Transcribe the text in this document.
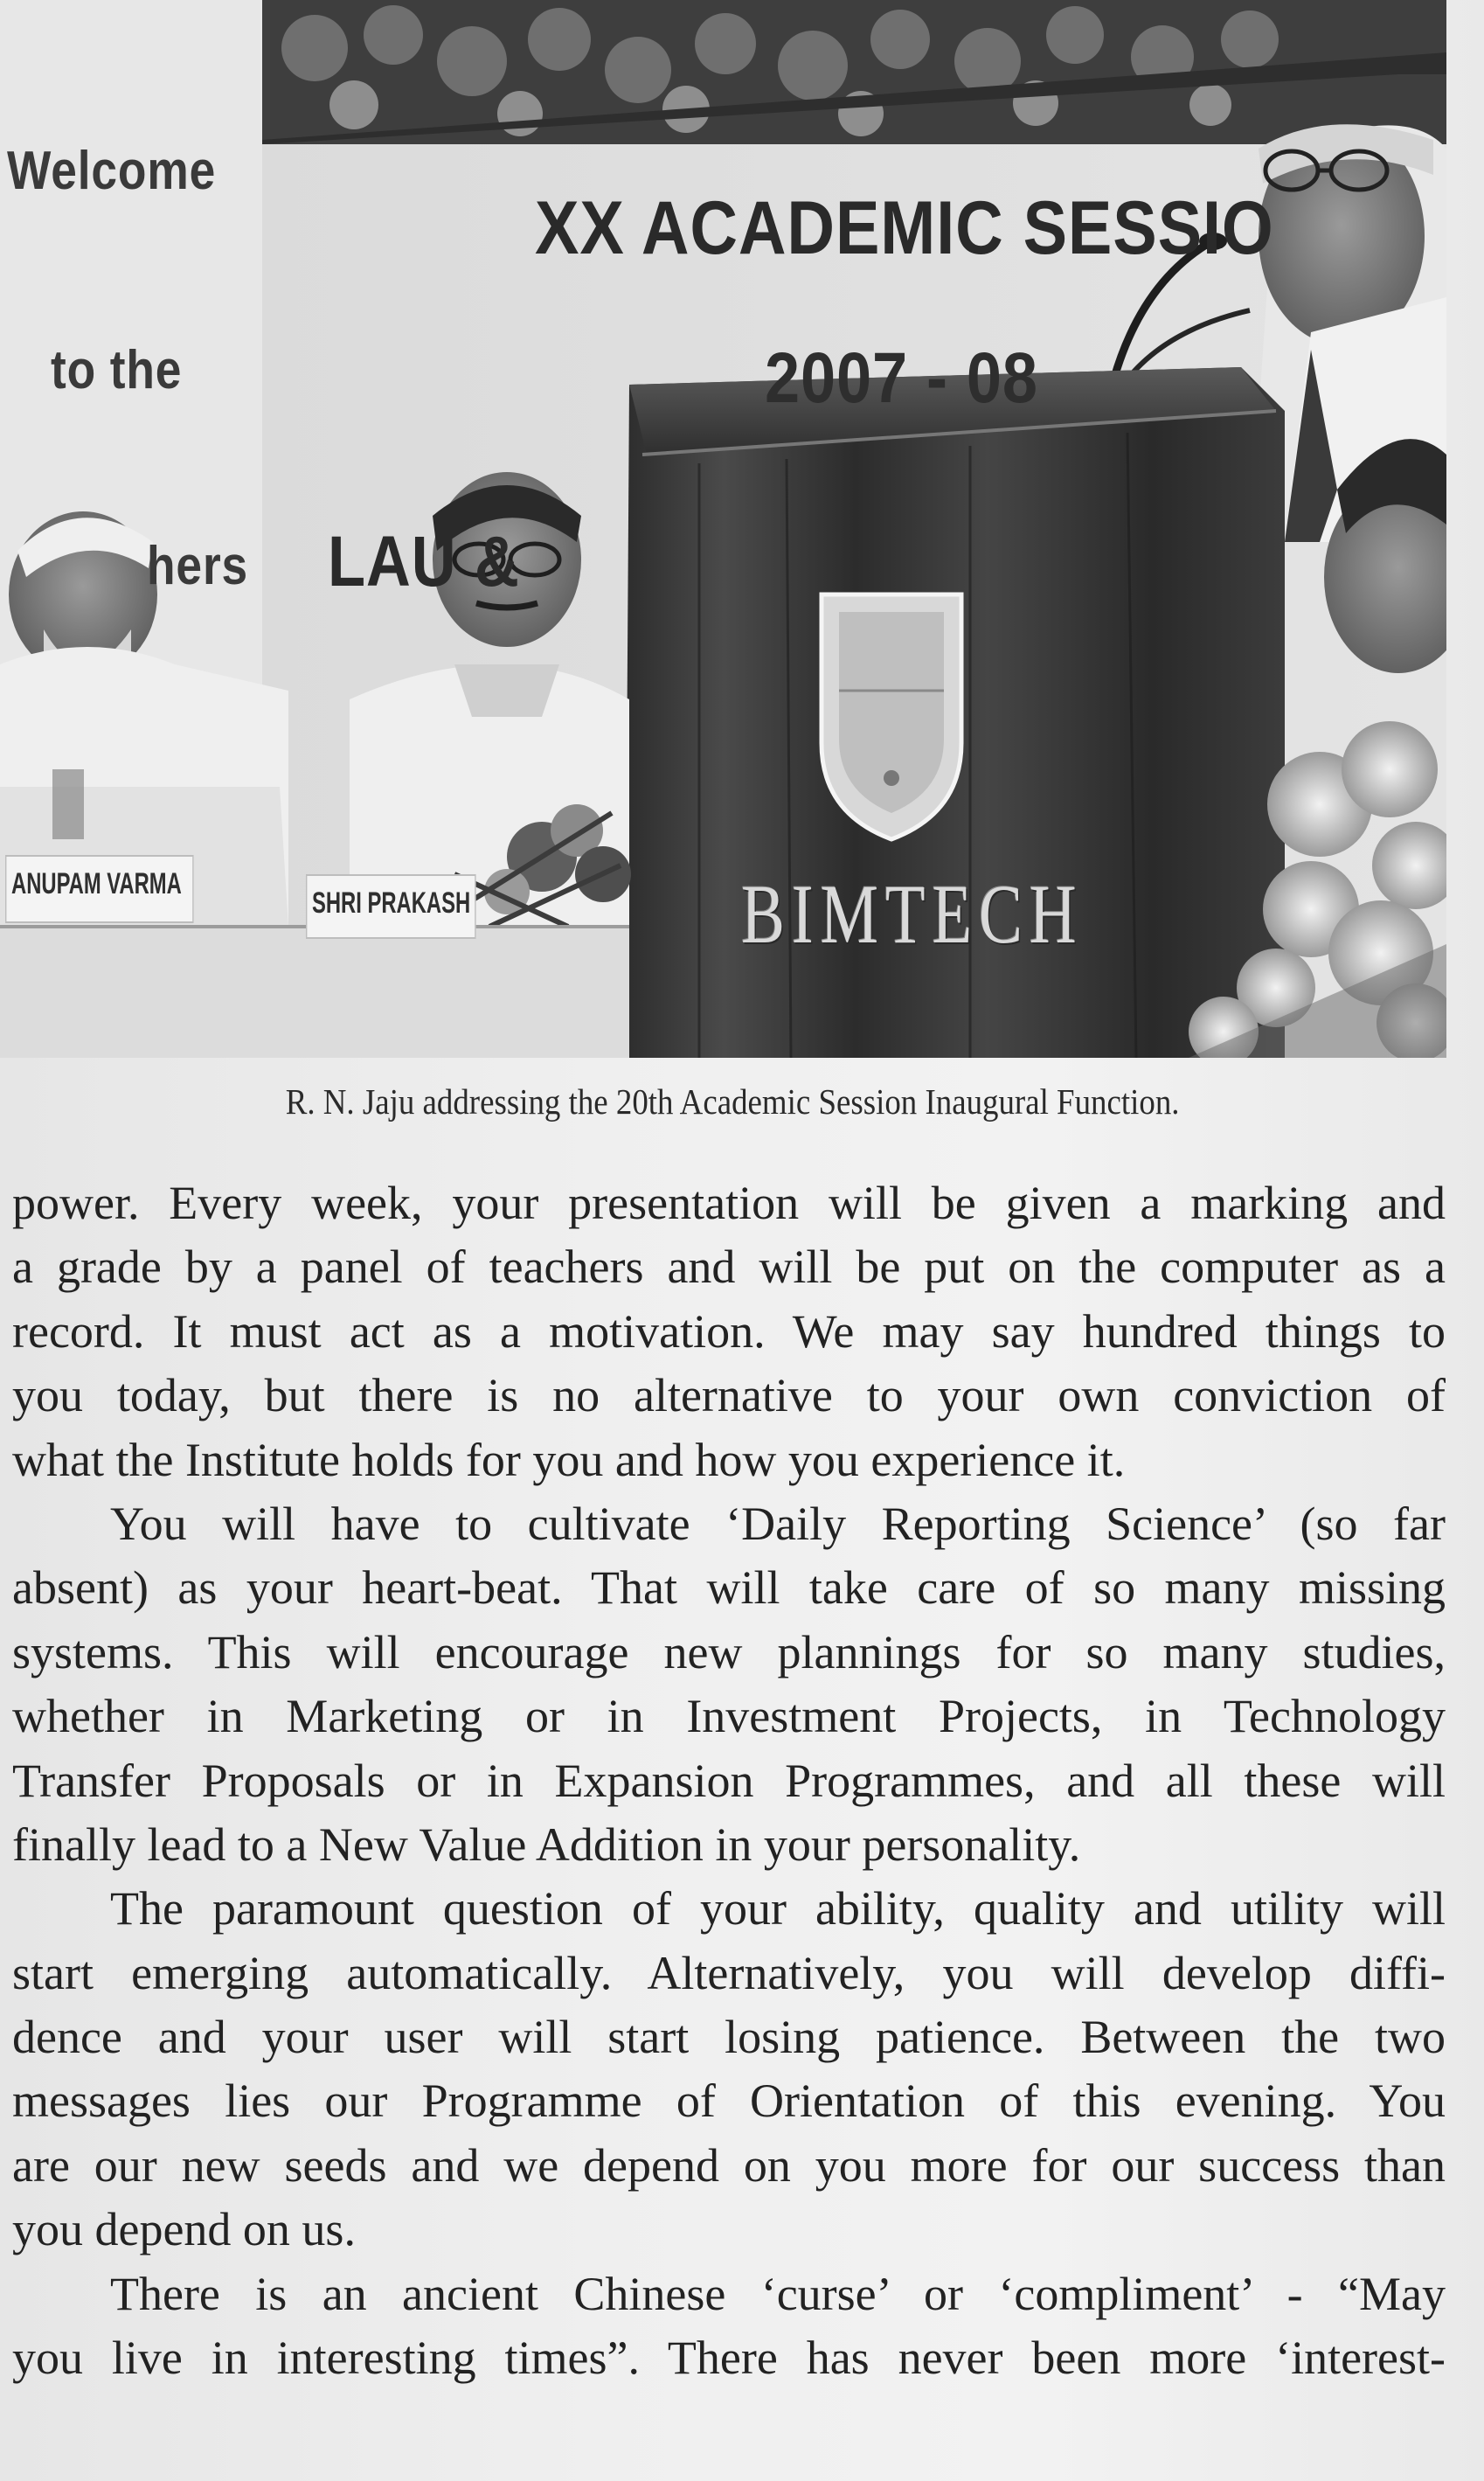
Welcome
to the
hers
XX ACADEMIC SESSIO
2007 - 08
LAU &
ANUPAM VARMA
SHRI PRAKASH	BIMTECH
R. N. Jaju addressing the 20th Academic Session Inaugural Function.
power. Every week, your presentation will be given a marking and
a grade by a panel of teachers and will be put on the computer as a
record. It must act as a motivation. We may say hundred things to
you today, but there is no alternative to your own conviction of
what the Institute holds for you and how you experience it.
You will have to cultivate ‘Daily Reporting Science’ (so far
absent) as your heart-beat. That will take care of so many missing
systems. This will encourage new plannings for so many studies,
whether in Marketing or in Investment Projects, in Technology
Transfer Proposals or in Expansion Programmes, and all these will
finally lead to a New Value Addition in your personality.
The paramount question of your ability, quality and utility will
start emerging automatically. Alternatively, you will develop diffi-
dence and your user will start losing patience. Between the two
messages lies our Programme of Orientation of this evening. You
are our new seeds and we depend on you more for our success than
you depend on us.
There is an ancient Chinese ‘curse’ or ‘compliment’ - “May
you live in interesting times”. There has never been more ‘interest-
